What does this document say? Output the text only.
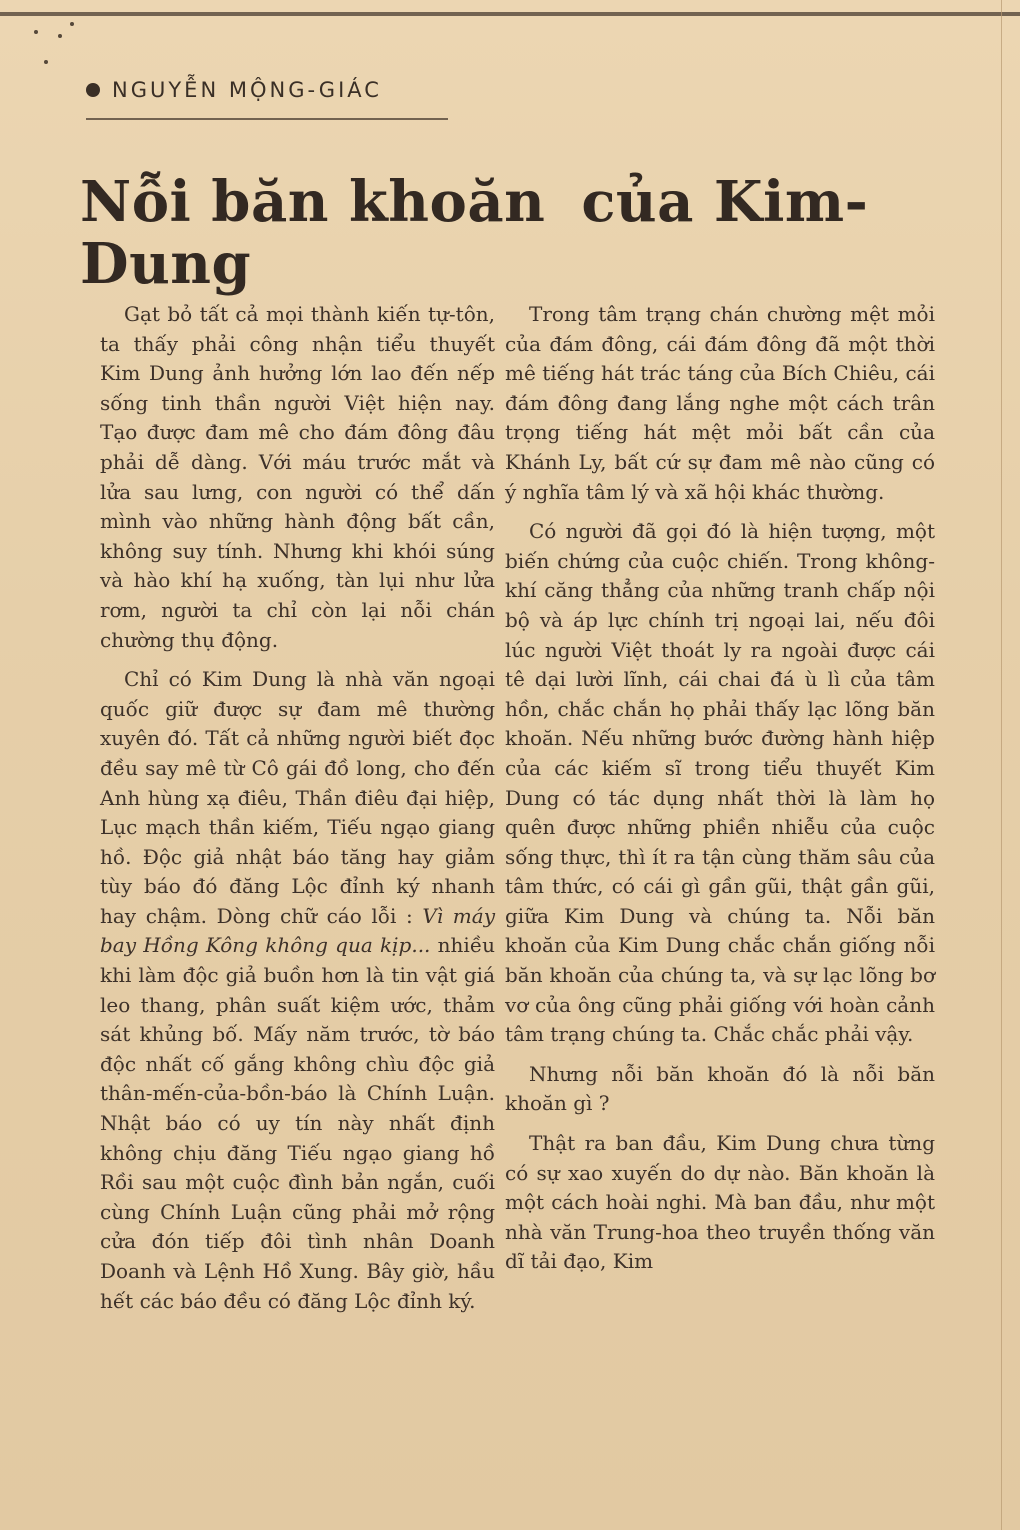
NGUYỄN MỘNG-GIÁC
Nỗi băn khoăn của Kim-Dung

Gạt bỏ tất cả mọi thành kiến tự-tôn, ta thấy phải công nhận tiểu thuyết Kim Dung ảnh hưởng lớn lao đến nếp sống tinh thần người Việt hiện nay. Tạo được đam mê cho đám đông đâu phải dễ dàng. Với máu trước mắt và lửa sau lưng, con người có thể dấn mình vào những hành động bất cần, không suy tính. Nhưng khi khói súng và hào khí hạ xuống, tàn lụi như lửa rơm, người ta chỉ còn lại nỗi chán chường thụ động.

Chỉ có Kim Dung là nhà văn ngoại quốc giữ được sự đam mê thường xuyên đó. Tất cả những người biết đọc đều say mê từ Cô gái đồ long, cho đến Anh hùng xạ điêu, Thần điêu đại hiệp, Lục mạch thần kiếm, Tiếu ngạo giang hồ. Độc giả nhật báo tăng hay giảm tùy báo đó đăng Lộc đỉnh ký nhanh hay chậm. Dòng chữ cáo lỗi : Vì máy bay Hồng Kông không qua kịp... nhiều khi làm độc giả buồn hơn là tin vật giá leo thang, phân suất kiệm ước, thảm sát khủng bố. Mấy năm trước, tờ báo độc nhất cố gắng không chìu độc giả thân-mến-của-bồn-báo là Chính Luận. Nhật báo có uy tín này nhất định không chịu đăng Tiếu ngạo giang hồ Rồi sau một cuộc đình bản ngắn, cuối cùng Chính Luận cũng phải mở rộng cửa đón tiếp đôi tình nhân Doanh Doanh và Lệnh Hồ Xung. Bây giờ, hầu hết các báo đều có đăng Lộc đỉnh ký.

Trong tâm trạng chán chường mệt mỏi của đám đông, cái đám đông đã một thời mê tiếng hát trác táng của Bích Chiêu, cái đám đông đang lắng nghe một cách trân trọng tiếng hát mệt mỏi bất cần của Khánh Ly, bất cứ sự đam mê nào cũng có ý nghĩa tâm lý và xã hội khác thường.

Có người đã gọi đó là hiện tượng, một biến chứng của cuộc chiến. Trong không-khí căng thẳng của những tranh chấp nội bộ và áp lực chính trị ngoại lai, nếu đôi lúc người Việt thoát ly ra ngoài được cái tê dại lười lĩnh, cái chai đá ù lì của tâm hồn, chắc chắn họ phải thấy lạc lõng băn khoăn. Nếu những bước đường hành hiệp của các kiếm sĩ trong tiểu thuyết Kim Dung có tác dụng nhất thời là làm họ quên được những phiền nhiễu của cuộc sống thực, thì ít ra tận cùng thăm sâu của tâm thức, có cái gì gần gũi, thật gần gũi, giữa Kim Dung và chúng ta. Nỗi băn khoăn của Kim Dung chắc chắn giống nỗi băn khoăn của chúng ta, và sự lạc lõng bơ vơ của ông cũng phải giống với hoàn cảnh tâm trạng chúng ta. Chắc chắc phải vậy.

Nhưng nỗi băn khoăn đó là nỗi băn khoăn gì ?

Thật ra ban đầu, Kim Dung chưa từng có sự xao xuyến do dự nào. Băn khoăn là một cách hoài nghi. Mà ban đầu, như một nhà văn Trung-hoa theo truyền thống văn dĩ tải đạo, Kim
